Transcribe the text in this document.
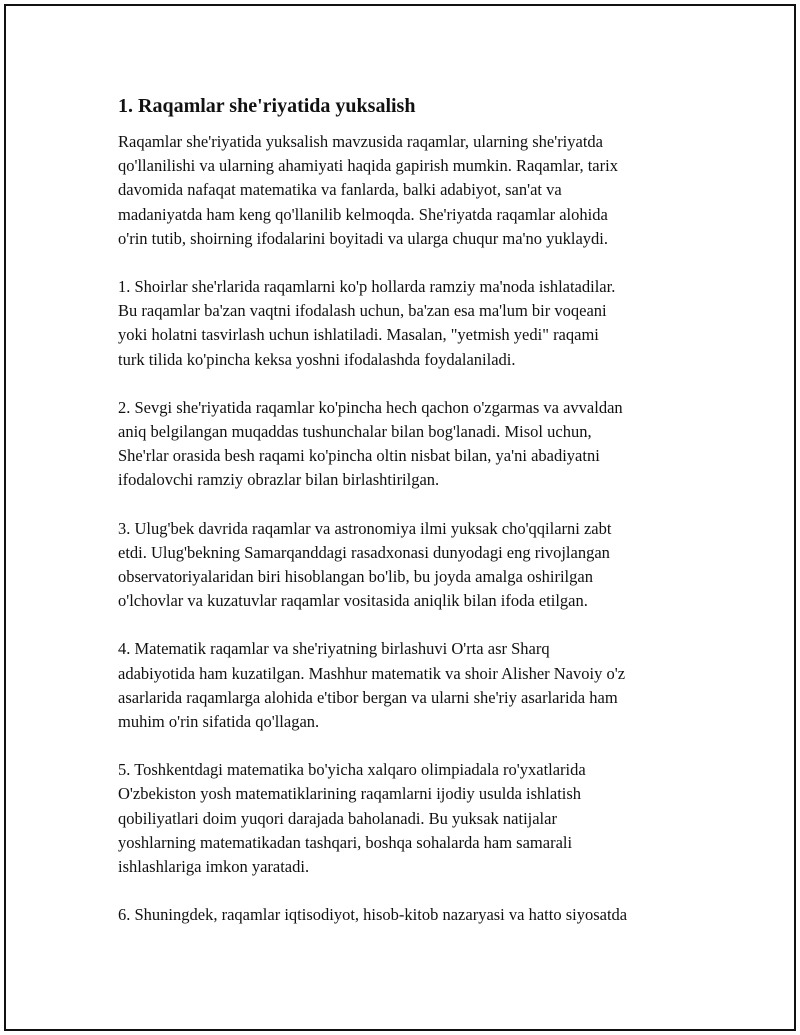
1. Raqamlar she'riyatida yuksalish

Raqamlar she'riyatida yuksalish mavzusida raqamlar, ularning she'riyatda
qo'llanilishi va ularning ahamiyati haqida gapirish mumkin. Raqamlar, tarix
davomida nafaqat matematika va fanlarda, balki adabiyot, san'at va
madaniyatda ham keng qo'llanilib kelmoqda. She'riyatda raqamlar alohida
o'rin tutib, shoirning ifodalarini boyitadi va ularga chuqur ma'no yuklaydi.

1. Shoirlar she'rlarida raqamlarni ko'p hollarda ramziy ma'noda ishlatadilar.
Bu raqamlar ba'zan vaqtni ifodalash uchun, ba'zan esa ma'lum bir voqeani
yoki holatni tasvirlash uchun ishlatiladi. Masalan, "yetmish yedi" raqami
turk tilida ko'pincha keksa yoshni ifodalashda foydalaniladi.

2. Sevgi she'riyatida raqamlar ko'pincha hech qachon o'zgarmas va avvaldan
aniq belgilangan muqaddas tushunchalar bilan bog'lanadi. Misol uchun,
She'rlar orasida besh raqami ko'pincha oltin nisbat bilan, ya'ni abadiyatni
ifodalovchi ramziy obrazlar bilan birlashtirilgan.

3. Ulug'bek davrida raqamlar va astronomiya ilmi yuksak cho'qqilarni zabt
etdi. Ulug'bekning Samarqanddagi rasadxonasi dunyodagi eng rivojlangan
observatoriyalaridan biri hisoblangan bo'lib, bu joyda amalga oshirilgan
o'lchovlar va kuzatuvlar raqamlar vositasida aniqlik bilan ifoda etilgan.

4. Matematik raqamlar va she'riyatning birlashuvi O'rta asr Sharq
adabiyotida ham kuzatilgan. Mashhur matematik va shoir Alisher Navoiy o'z
asarlarida raqamlarga alohida e'tibor bergan va ularni she'riy asarlarida ham
muhim o'rin sifatida qo'llagan.

5. Toshkentdagi matematika bo'yicha xalqaro olimpiadala ro'yxatlarida
O'zbekiston yosh matematiklarining raqamlarni ijodiy usulda ishlatish
qobiliyatlari doim yuqori darajada baholanadi. Bu yuksak natijalar
yoshlarning matematikadan tashqari, boshqa sohalarda ham samarali
ishlashlariga imkon yaratadi.

6. Shuningdek, raqamlar iqtisodiyot, hisob-kitob nazaryasi va hatto siyosatda
